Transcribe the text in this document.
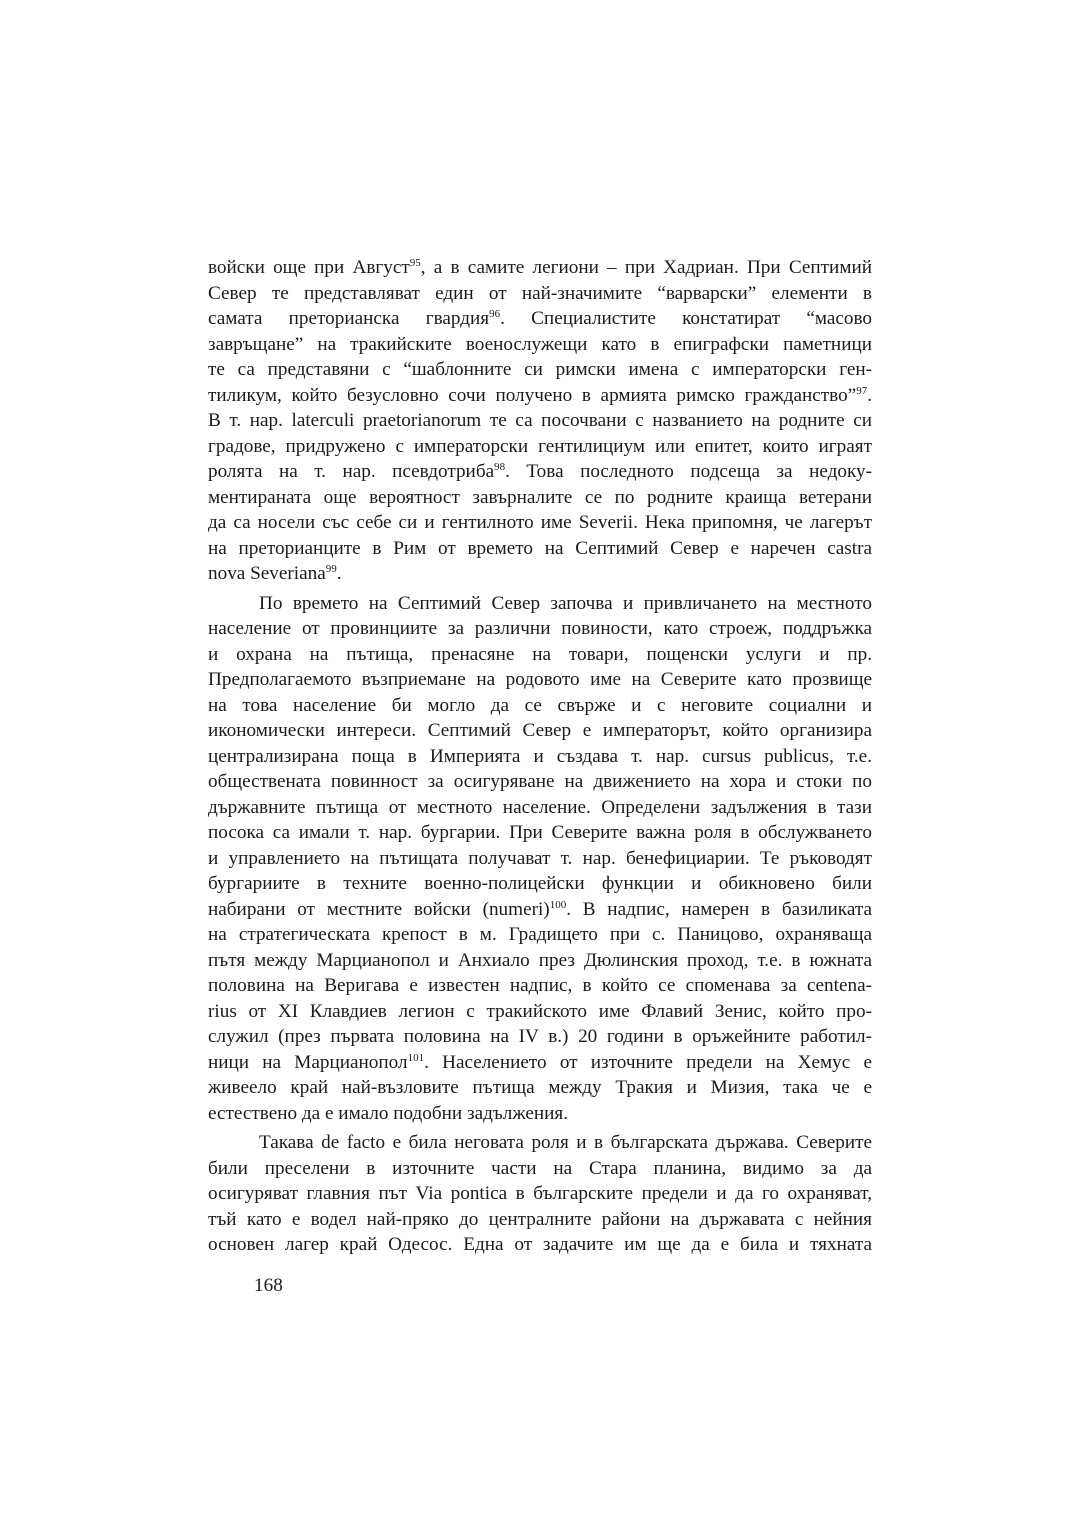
войски още при Август$^{95}$, а в самите легиони – при Хадриан. При Септимий
Север те представляват един от най-значимите “варварски” елементи в
самата преторианска гвардия$^{96}$. Специалистите констатират “масово
завръщане” на тракийските военослужещи като в епиграфски паметници
те са представяни с “шаблонните си римски имена с императорски ген-
тиликум, който безусловно сочи получено в армията римско гражданство”$^{97}$.
В т. нар. laterculi praetorianorum те са посочвани с названието на родните си
градове, придружено с императорски гентилициум или епитет, които играят
ролята на т. нар. псевдотриба$^{98}$. Това последното подсеща за недоку-
ментираната още вероятност завърналите се по родните краища ветерани
да са носели със себе си и гентилното име Severii. Нека припомня, че лагерът
на преторианците в Рим от времето на Септимий Север е наречен castra
nova Severiana$^{99}$.
По времето на Септимий Север започва и привличането на местното
население от провинциите за различни повиности, като строеж, поддръжка
и охрана на пътища, пренасяне на товари, пощенски услуги и пр.
Предполагаемото възприемане на родовото име на Северите като прозвище
на това население би могло да се свърже и с неговите социални и
икономически интереси. Септимий Север е императорът, който организира
централизирана поща в Империята и създава т. нар. cursus publicus, т.е.
обществената повинност за осигуряване на движението на хора и стоки по
държавните пътища от местното население. Определени задължения в тази
посока са имали т. нар. бургарии. При Северите важна роля в обслужването
и управлението на пътищата получават т. нар. бенефициарии. Те ръководят
бургариите в техните военно-полицейски функции и обикновено били
набирани от местните войски (numeri)$^{100}$. В надпис, намерен в базиликата
на стратегическата крепост в м. Градището при с. Паницово, охраняваща
пътя между Марцианопол и Анхиало през Дюлинския проход, т.е. в южната
половина на Веригава е известен надпис, в който се споменава за centena-
rius от XI Клавдиев легион с тракийското име Флавий Зенис, който про-
служил (през първата половина на IV в.) 20 години в оръжейните работил-
ници на Марцианопол$^{101}$. Населението от източните предели на Хемус е
живеело край най-възловите пътища между Тракия и Мизия, така че е
естествено да е имало подобни задължения.
Такава de facto е била неговата роля и в българската държава. Северите
били преселени в източните части на Стара планина, видимо за да
осигуряват главния път Via pontica в българските предели и да го охраняват,
тъй като е водел най-пряко до централните райони на държавата с нейния
основен лагер край Одесос. Една от задачите им ще да е била и тяхната
168
